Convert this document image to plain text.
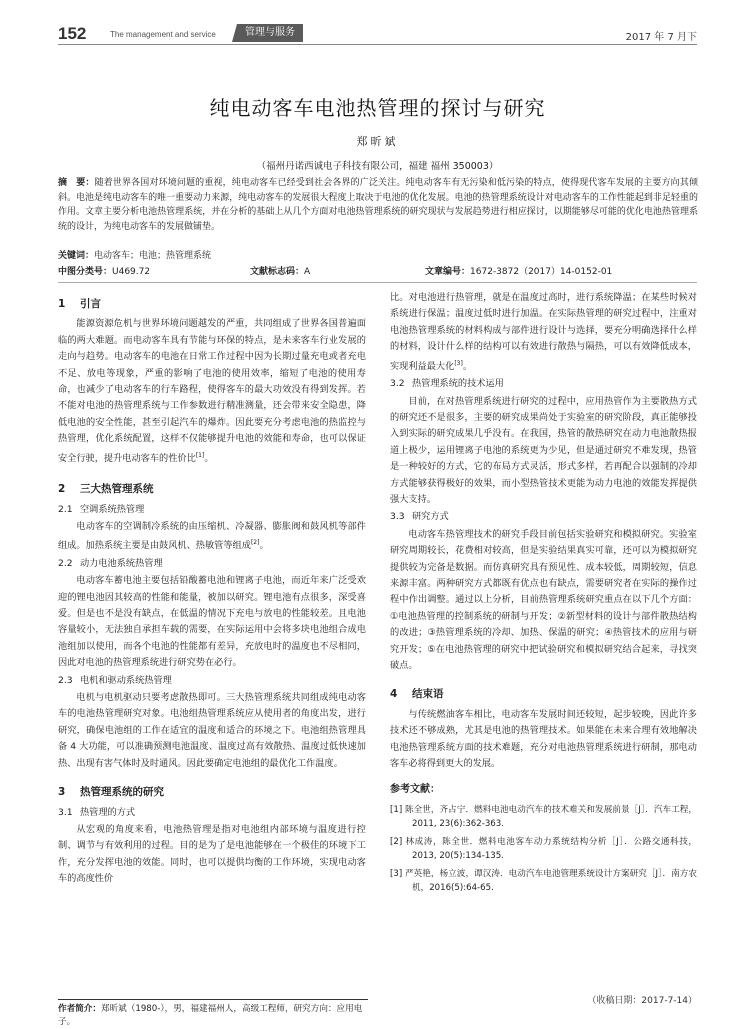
152	The management and service	管理与服务	2017 年 7 月下
纯电动客车电池热管理的探讨与研究
郑昕斌
（福州丹诺西诚电子科技有限公司，福建 福州 350003）
摘　要：随着世界各国对环境问题的重视，纯电动客车已经受到社会各界的广泛关注。纯电动客车有无污染和低污染的特点，使得现代客车发展的主要方向其倾斜。电池是纯电动客车的唯一重要动力来源，纯电动客车的发展很大程度上取决于电池的优化发展。电池的热管理系统设计对电动客车的工作性能起到非足轻重的作用。文章主要分析电池热管理系统，并在分析的基础上从几个方面对电池热管理系统的研究现状与发展趋势进行相应探讨，以期能够尽可能的优化电池热管理系统的设计，为纯电动客车的发展做铺垫。
关键词：电动客车；电池；热管理系统
中图分类号：U469.72	文献标志码：A	文章编号：1672-3872（2017）14-0152-01
1 引言

能源资源危机与世界环境问题越发的严重，共同组成了世界各国普遍面临的两大难题。而电动客车具有节能与环保的特点，是未来客车行业发展的走向与趋势。电动客车的电池在日常工作过程中因为长期过量充电或者充电不足、放电等现象，严重的影响了电池的使用效率，缩短了电池的使用寿命，也减少了电动客车的行车路程，使得客车的最大功效没有得到发挥。若不能对电池的热管理系统与工作参数进行精准测量，还会带来安全隐患，降低电池的安全性能，甚至引起汽车的爆炸。因此要充分考虑电池的热监控与热管理，优化系统配置，这样不仅能够提升电池的效能和寿命，也可以保证安全行驶，提升电动客车的性价比[1]。

2 三大热管理系统
2.1 空调系统热管理

电动客车的空调制冷系统的由压缩机、冷凝器、膨胀阀和鼓风机等部件组成。加热系统主要是由鼓风机、热敏管等组成[2]。

2.2 动力电池系统热管理

电动客车蓄电池主要包括铅酸蓄电池和锂离子电池，而近年来广泛受欢迎的锂电池因其较高的性能和能量，被加以研究。锂电池有点很多，深受喜爱。但是也不是没有缺点，在低温的情况下充电与放电的性能较差。且电池容量较小，无法独自承担车载的需要，在实际运用中会将多块电池组合成电池组加以使用，而各个电池的性能都有差异，充放电时的温度也不尽相同，因此对电池的热管理系统进行研究势在必行。

2.3 电机和驱动系统热管理

电机与电机驱动只要考虑散热即可。三大热管理系统共同组成纯电动客车的电池热管理研究对象。电池组热管理系统应从使用者的角度出发，进行研究，确保电池组的工作在适宜的温度和适合的环境之下。电池组热管理具备 4 大功能，可以准确预测电池温度、温度过高有效散热、温度过低快速加热、出现有害气体时及时通风。因此要确定电池组的最优化工作温度。

3 热管理系统的研究
3.1 热管理的方式

从宏观的角度来看，电池热管理是指对电池组内部环境与温度进行控制、调节与有效利用的过程。目的是为了是电池能够在一个极佳的环境下工作，充分发挥电池的效能。同时，也可以提供均衡的工作环境，实现电动客车的高度性价

比。对电池进行热管理，就是在温度过高时，进行系统降温；在某些时候对系统进行保温；温度过低时进行加温。在实际热管理的研究过程中，注重对电池热管理系统的材料构成与部件进行设计与选择，要充分明确选择什么样的材料，设计什么样的结构可以有效进行散热与隔热，可以有效降低成本，实现利益最大化[3]。

3.2 热管理系统的技术运用

目前，在对热管理系统进行研究的过程中，应用热管作为主要散热方式的研究还不是很多，主要的研究成果尚处于实验室的研究阶段，真正能够投入到实际的研究成果几乎没有。在我国，热管的散热研究在动力电池散热报道上极少，运用锂离子电池的系统更为少见，但是通过研究不难发现，热管是一种较好的方式，它的布局方式灵活，形式多样，若再配合以强制的冷却方式能够获得极好的效果，而小型热管技术更能为动力电池的效能发挥提供强大支持。

3.3 研究方式

电动客车热管理技术的研究手段目前包括实验研究和模拟研究。实验室研究周期较长，花费相对较高，但是实验结果真实可靠，还可以为模拟研究提供较为完备是数据。而仿真研究具有预见性、成本较低，周期较短，信息来源丰富。两种研究方式都既有优点也有缺点，需要研究者在实际的操作过程中作出调整。通过以上分析，目前热管理系统研究重点在以下几个方面：①电池热管理的控制系统的研制与开发；②新型材料的设计与部件散热结构的改进；③热管理系统的冷却、加热、保温的研究；④热管技术的应用与研究开发；⑤在电池热管理的研究中把试验研究和模拟研究结合起来，寻找突破点。

4 结束语

与传统燃油客车相比，电动客车发展时间还较短，起步较晚，因此许多技术还不够成熟，尤其是电池的热管理技术。如果能在未来合理有效地解决电池热管理系统方面的技术难题，充分对电池热管理系统进行研制，那电动客车必将得到更大的发展。

参考文献：
[1] 陈全世，齐占宁．燃料电池电动汽车的技术难关和发展前景［J］．汽车工程，2011, 23(6):362-363.
[2] 林成涛，陈全世．燃料电池客车动力系统结构分析［J］．公路交通科技，2013, 20(5):134-135.
[3] 严英艳，杨立波，谭汉涛．电动汽车电池管理系统设计方案研究［J］．南方农机，2016(5):64-65.
（收稿日期：2017-7-14）
作者简介：郑昕斌（1980-），男，福建福州人，高级工程师，研究方向：应用电子。
